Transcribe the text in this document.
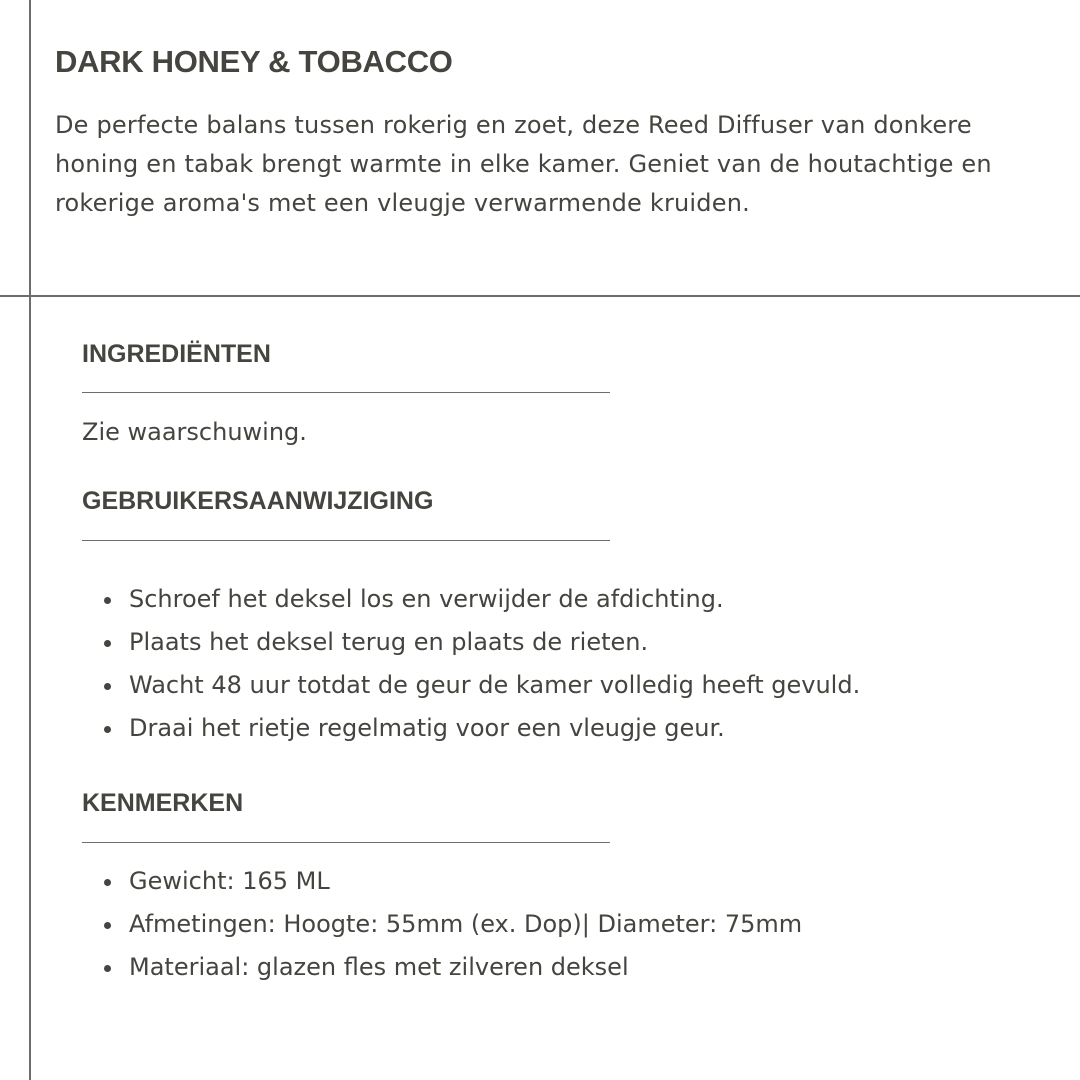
DARK HONEY & TOBACCO

De perfecte balans tussen rokerig en zoet, deze Reed Diffuser van donkere honing en tabak brengt warmte in elke kamer. Geniet van de houtachtige en rokerige aroma's met een vleugje verwarmende kruiden.

INGREDIËNTEN

Zie waarschuwing.

GEBRUIKERSAANWIJZIGING
Schroef het deksel los en verwijder de afdichting.
Plaats het deksel terug en plaats de rieten.
Wacht 48 uur totdat de geur de kamer volledig heeft gevuld.
Draai het rietje regelmatig voor een vleugje geur.
KENMERKEN
Gewicht: 165 ML
Afmetingen: Hoogte: 55mm (ex. Dop)| Diameter: 75mm
Materiaal: glazen fles met zilveren deksel
